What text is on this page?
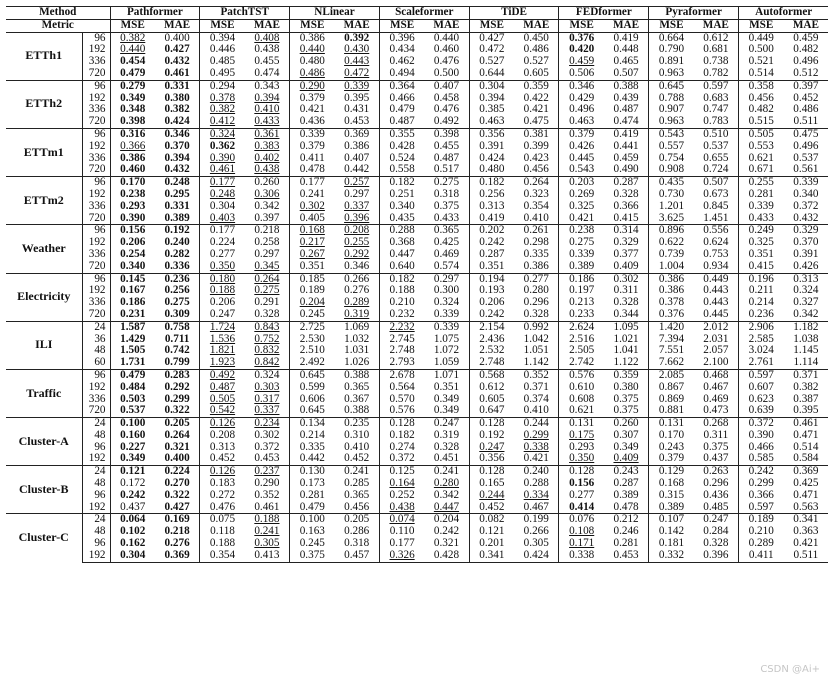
Method		Pathformer		PatchTST		NLinear		Scaleformer		TiDE		FEDformer		Pyraformer		Autoformer	
Metric		MSE	MAE	MSE	MAE	MSE	MAE	MSE	MAE	MSE	MAE	MSE	MAE	MSE	MAE	MSE	MAE
ETTh1	96	0.382	0.400	0.394	0.408	0.386	0.392	0.396	0.440	0.427	0.450	0.376	0.419	0.664	0.612	0.449	0.459
	192	0.440	0.427	0.446	0.438	0.440	0.430	0.434	0.460	0.472	0.486	0.420	0.448	0.790	0.681	0.500	0.482
	336	0.454	0.432	0.485	0.455	0.480	0.443	0.462	0.476	0.527	0.527	0.459	0.465	0.891	0.738	0.521	0.496
	720	0.479	0.461	0.495	0.474	0.486	0.472	0.494	0.500	0.644	0.605	0.506	0.507	0.963	0.782	0.514	0.512
ETTh2	96	0.279	0.331	0.294	0.343	0.290	0.339	0.364	0.407	0.304	0.359	0.346	0.388	0.645	0.597	0.358	0.397
	192	0.349	0.380	0.378	0.394	0.379	0.395	0.466	0.458	0.394	0.422	0.429	0.439	0.788	0.683	0.456	0.452
	336	0.348	0.382	0.382	0.410	0.421	0.431	0.479	0.476	0.385	0.421	0.496	0.487	0.907	0.747	0.482	0.486
	720	0.398	0.424	0.412	0.433	0.436	0.453	0.487	0.492	0.463	0.475	0.463	0.474	0.963	0.783	0.515	0.511
ETTm1	96	0.316	0.346	0.324	0.361	0.339	0.369	0.355	0.398	0.356	0.381	0.379	0.419	0.543	0.510	0.505	0.475
	192	0.366	0.370	0.362	0.383	0.379	0.386	0.428	0.455	0.391	0.399	0.426	0.441	0.557	0.537	0.553	0.496
	336	0.386	0.394	0.390	0.402	0.411	0.407	0.524	0.487	0.424	0.423	0.445	0.459	0.754	0.655	0.621	0.537
	720	0.460	0.432	0.461	0.438	0.478	0.442	0.558	0.517	0.480	0.456	0.543	0.490	0.908	0.724	0.671	0.561
ETTm2	96	0.170	0.248	0.177	0.260	0.177	0.257	0.182	0.275	0.182	0.264	0.203	0.287	0.435	0.507	0.255	0.339
	192	0.238	0.295	0.248	0.306	0.241	0.297	0.251	0.318	0.256	0.323	0.269	0.328	0.730	0.673	0.281	0.340
	336	0.293	0.331	0.304	0.342	0.302	0.337	0.340	0.375	0.313	0.354	0.325	0.366	1.201	0.845	0.339	0.372
	720	0.390	0.389	0.403	0.397	0.405	0.396	0.435	0.433	0.419	0.410	0.421	0.415	3.625	1.451	0.433	0.432
Weather	96	0.156	0.192	0.177	0.218	0.168	0.208	0.288	0.365	0.202	0.261	0.238	0.314	0.896	0.556	0.249	0.329
	192	0.206	0.240	0.224	0.258	0.217	0.255	0.368	0.425	0.242	0.298	0.275	0.329	0.622	0.624	0.325	0.370
	336	0.254	0.282	0.277	0.297	0.267	0.292	0.447	0.469	0.287	0.335	0.339	0.377	0.739	0.753	0.351	0.391
	720	0.340	0.336	0.350	0.345	0.351	0.346	0.640	0.574	0.351	0.386	0.389	0.409	1.004	0.934	0.415	0.426
Electricity	96	0.145	0.236	0.180	0.264	0.185	0.266	0.182	0.297	0.194	0.277	0.186	0.302	0.386	0.449	0.196	0.313
	192	0.167	0.256	0.188	0.275	0.189	0.276	0.188	0.300	0.193	0.280	0.197	0.311	0.386	0.443	0.211	0.324
	336	0.186	0.275	0.206	0.291	0.204	0.289	0.210	0.324	0.206	0.296	0.213	0.328	0.378	0.443	0.214	0.327
	720	0.231	0.309	0.247	0.328	0.245	0.319	0.232	0.339	0.242	0.328	0.233	0.344	0.376	0.445	0.236	0.342
ILI	24	1.587	0.758	1.724	0.843	2.725	1.069	2.232	0.339	2.154	0.992	2.624	1.095	1.420	2.012	2.906	1.182
	36	1.429	0.711	1.536	0.752	2.530	1.032	2.745	1.075	2.436	1.042	2.516	1.021	7.394	2.031	2.585	1.038
	48	1.505	0.742	1.821	0.832	2.510	1.031	2.748	1.072	2.532	1.051	2.505	1.041	7.551	2.057	3.024	1.145
	60	1.731	0.799	1.923	0.842	2.492	1.026	2.793	1.059	2.748	1.142	2.742	1.122	7.662	2.100	2.761	1.114
Traffic	96	0.479	0.283	0.492	0.324	0.645	0.388	2.678	1.071	0.568	0.352	0.576	0.359	2.085	0.468	0.597	0.371
	192	0.484	0.292	0.487	0.303	0.599	0.365	0.564	0.351	0.612	0.371	0.610	0.380	0.867	0.467	0.607	0.382
	336	0.503	0.299	0.505	0.317	0.606	0.367	0.570	0.349	0.605	0.374	0.608	0.375	0.869	0.469	0.623	0.387
	720	0.537	0.322	0.542	0.337	0.645	0.388	0.576	0.349	0.647	0.410	0.621	0.375	0.881	0.473	0.639	0.395
Cluster-A	24	0.100	0.205	0.126	0.234	0.134	0.235	0.128	0.247	0.128	0.244	0.131	0.260	0.131	0.268	0.372	0.461
	48	0.160	0.264	0.208	0.302	0.214	0.310	0.182	0.319	0.192	0.299	0.175	0.307	0.170	0.311	0.390	0.471
	96	0.227	0.321	0.313	0.372	0.335	0.410	0.274	0.328	0.247	0.338	0.293	0.349	0.243	0.375	0.466	0.514
	192	0.349	0.400	0.452	0.453	0.442	0.452	0.372	0.451	0.356	0.421	0.350	0.409	0.379	0.437	0.585	0.584
Cluster-B	24	0.121	0.224	0.126	0.237	0.130	0.241	0.125	0.241	0.128	0.240	0.128	0.243	0.129	0.263	0.242	0.369
	48	0.172	0.270	0.183	0.290	0.173	0.285	0.164	0.280	0.165	0.288	0.156	0.287	0.168	0.296	0.299	0.425
	96	0.242	0.322	0.272	0.352	0.281	0.365	0.252	0.342	0.244	0.334	0.277	0.389	0.315	0.436	0.366	0.471
	192	0.437	0.427	0.476	0.461	0.479	0.456	0.438	0.447	0.452	0.467	0.414	0.478	0.389	0.485	0.597	0.563
Cluster-C	24	0.064	0.169	0.075	0.188	0.100	0.205	0.074	0.204	0.082	0.199	0.076	0.212	0.107	0.247	0.189	0.341
	48	0.102	0.218	0.118	0.241	0.163	0.286	0.110	0.242	0.121	0.266	0.108	0.246	0.142	0.284	0.210	0.363
	96	0.162	0.276	0.188	0.305	0.245	0.318	0.177	0.321	0.201	0.305	0.171	0.281	0.181	0.328	0.289	0.421
	192	0.304	0.369	0.354	0.413	0.375	0.457	0.326	0.428	0.341	0.424	0.338	0.453	0.332	0.396	0.411	0.511
CSDN @Ai+
